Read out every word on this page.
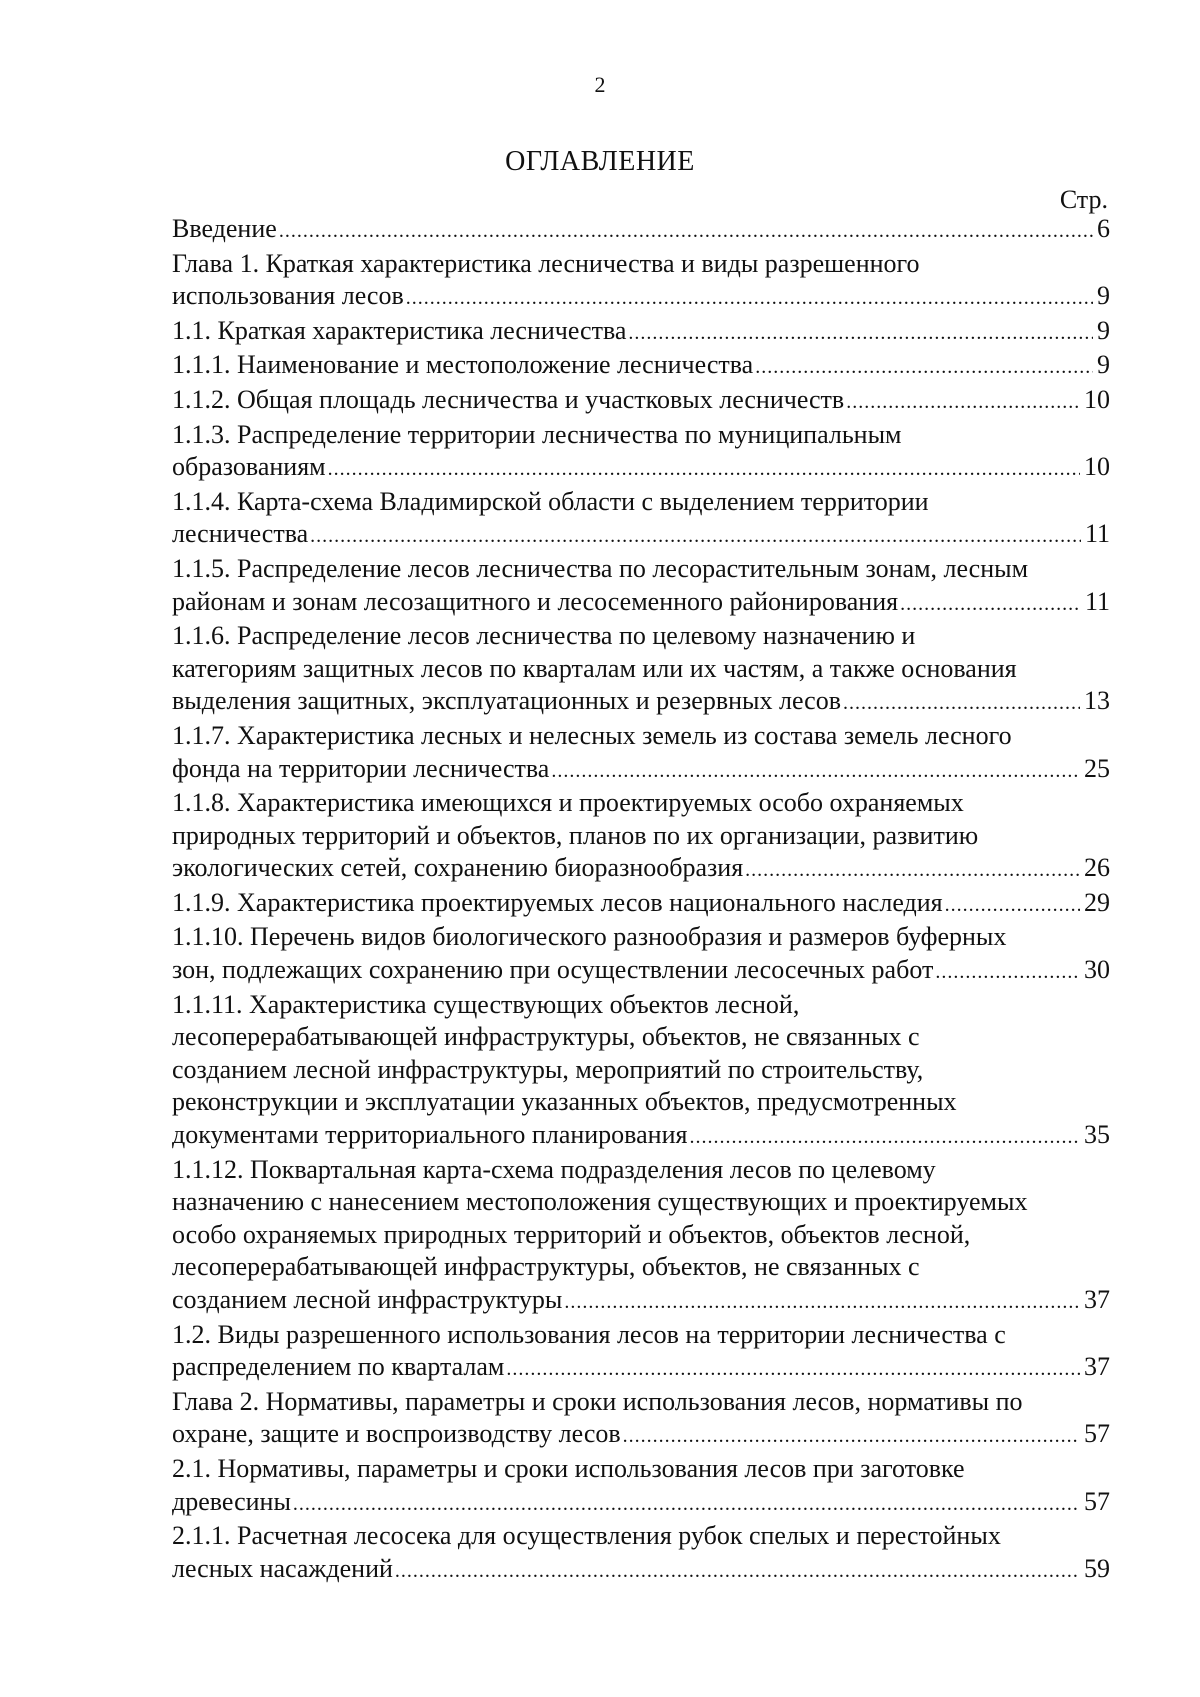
2
ОГЛАВЛЕНИЕ
Стр.
Введение .....	6
Глава 1. Краткая характеристика лесничества и виды разрешенного
использования лесов .....	9
1.1. Краткая характеристика лесничества .....	9
1.1.1. Наименование и местоположение лесничества .....	9
1.1.2. Общая площадь лесничества и участковых лесничеств .....	10
1.1.3. Распределение территории лесничества по муниципальным
образованиям .....	10
1.1.4. Карта-схема Владимирской области с выделением территории
лесничества .....	11
1.1.5. Распределение лесов лесничества по лесорастительным зонам, лесным
районам и зонам лесозащитного и лесосеменного районирования .....	11
1.1.6. Распределение лесов лесничества по целевому назначению и
категориям защитных лесов по кварталам или их частям, а также основания
выделения защитных, эксплуатационных и резервных лесов .....	13
1.1.7. Характеристика лесных и нелесных земель из состава земель лесного
фонда на территории лесничества .....	25
1.1.8. Характеристика имеющихся и проектируемых особо охраняемых
природных территорий и объектов, планов по их организации, развитию
экологических сетей, сохранению биоразнообразия .....	26
1.1.9. Характеристика проектируемых лесов национального наследия .....	29
1.1.10. Перечень видов биологического разнообразия и размеров буферных
зон, подлежащих сохранению при осуществлении лесосечных работ .....	30
1.1.11. Характеристика существующих объектов лесной,
лесоперерабатывающей инфраструктуры, объектов, не связанных с
созданием лесной инфраструктуры, мероприятий по строительству,
реконструкции и эксплуатации указанных объектов, предусмотренных
документами территориального планирования .....	35
1.1.12. Поквартальная карта-схема подразделения лесов по целевому
назначению с нанесением местоположения существующих и проектируемых
особо охраняемых природных территорий и объектов, объектов лесной,
лесоперерабатывающей инфраструктуры, объектов, не связанных с
созданием лесной инфраструктуры .....	37
1.2. Виды разрешенного использования лесов на территории лесничества с
распределением по кварталам .....	37
Глава 2. Нормативы, параметры и сроки использования лесов, нормативы по
охране, защите и воспроизводству лесов .....	57
2.1. Нормативы, параметры и сроки использования лесов при заготовке
древесины .....	57
2.1.1. Расчетная лесосека для осуществления рубок спелых и перестойных
лесных насаждений .....	59
